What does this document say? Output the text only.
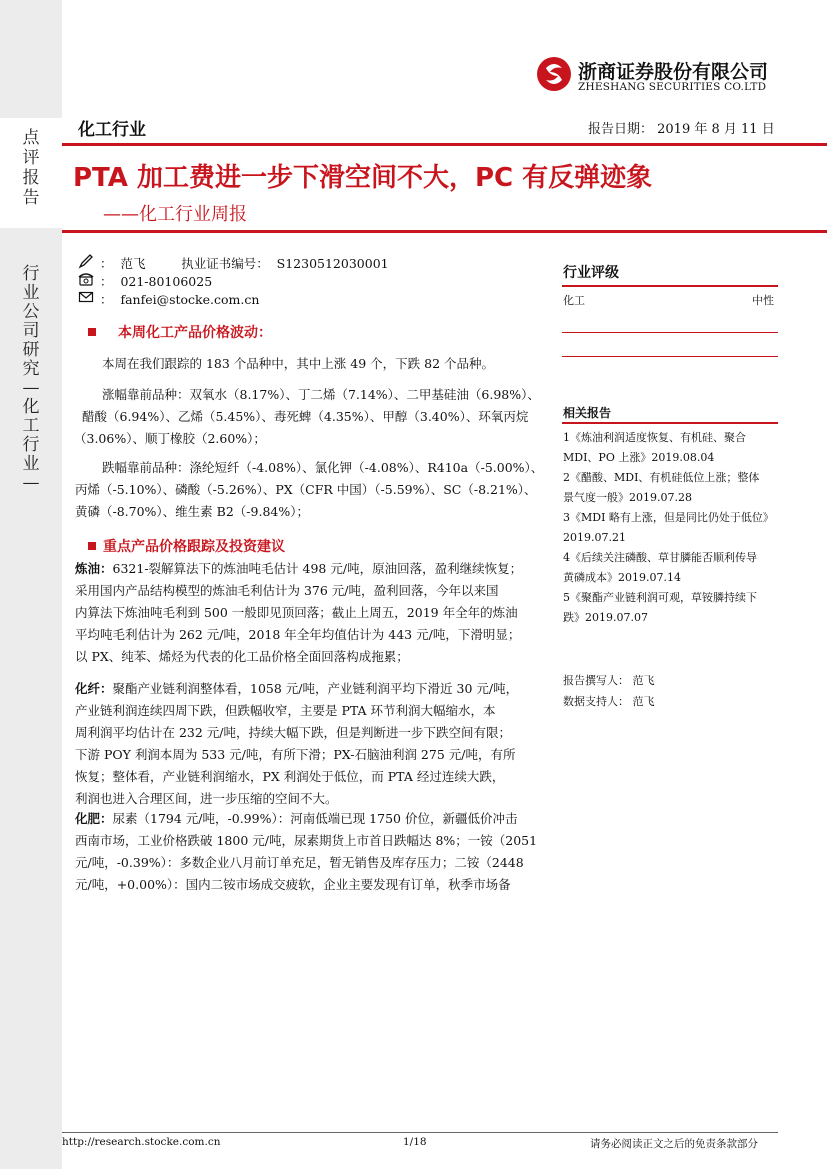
点
评
报
告
行
业
公
司
研
究
—
化
工
行
业
—
浙商证券股份有限公司
ZHESHANG SECURITIES CO.LTD
化工行业	报告日期： 2019 年 8 月 11 日
PTA 加工费进一步下滑空间不大，PC 有反弹迹象
——化工行业周报
：  范飞         执业证书编号：  S1230512030001
：  021-80106025
：  fanfei@stocke.com.cn
本周化工产品价格波动：

本周在我们跟踪的 183 个品种中，其中上涨 49 个，下跌 82 个品种。

涨幅靠前品种：双氧水（8.17%）、丁二烯（7.14%）、二甲基硅油（6.98%）、

醋酸（6.94%）、乙烯（5.45%）、毒死蜱（4.35%）、甲醇（3.40%）、环氧丙烷

（3.06%）、顺丁橡胶（2.60%）；

跌幅靠前品种：涤纶短纤（-4.08%）、氯化钾（-4.08%）、R410a（-5.00%）、

丙烯（-5.10%）、磷酸（-5.26%）、PX（CFR 中国）（-5.59%）、SC（-8.21%）、

黄磷（-8.70%）、维生素 B2（-9.84%）；

重点产品价格跟踪及投资建议

炼油：6321-裂解算法下的炼油吨毛估计 498 元/吨，原油回落，盈利继续恢复；

采用国内产品结构模型的炼油毛利估计为 376 元/吨，盈利回落，今年以来国

内算法下炼油吨毛利到 500 一般即见顶回落；截止上周五，2019 年全年的炼油

平均吨毛利估计为 262 元/吨，2018 年全年均值估计为 443 元/吨，下滑明显；

以 PX、纯苯、烯烃为代表的化工品价格全面回落构成拖累；

化纤：聚酯产业链利润整体看，1058 元/吨，产业链利润平均下滑近 30 元/吨，

产业链利润连续四周下跌，但跌幅收窄，主要是 PTA 环节利润大幅缩水，本

周利润平均估计在 232 元/吨，持续大幅下跌，但是判断进一步下跌空间有限；

下游 POY 利润本周为 533 元/吨，有所下滑；PX-石脑油利润 275 元/吨，有所

恢复；整体看，产业链利润缩水，PX 利润处于低位，而 PTA 经过连续大跌，

利润也进入合理区间，进一步压缩的空间不大。

化肥：尿素（1794 元/吨，-0.99%）：河南低端已现 1750 价位，新疆低价冲击

西南市场，工业价格跌破 1800 元/吨，尿素期货上市首日跌幅达 8%；一铵（2051

元/吨，-0.39%）：多数企业八月前订单充足，暂无销售及库存压力；二铵（2448

元/吨，+0.00%）：国内二铵市场成交疲软，企业主要发现有订单，秋季市场备

行业评级
化工	中性
相关报告
1《炼油利润适度恢复、有机硅、聚合
MDI、PO 上涨》2019.08.04
2《醋酸、MDI、有机硅低位上涨；整体
景气度一般》2019.07.28
3《MDI 略有上涨，但是同比仍处于低位》
2019.07.21
4《后续关注磷酸、草甘膦能否顺利传导
黄磷成本》2019.07.14
5《聚酯产业链利润可观，草铵膦持续下
跌》2019.07.07
报告撰写人： 范飞
数据支持人： 范飞
http://research.stocke.com.cn	1/18	请务必阅读正文之后的免责条款部分
